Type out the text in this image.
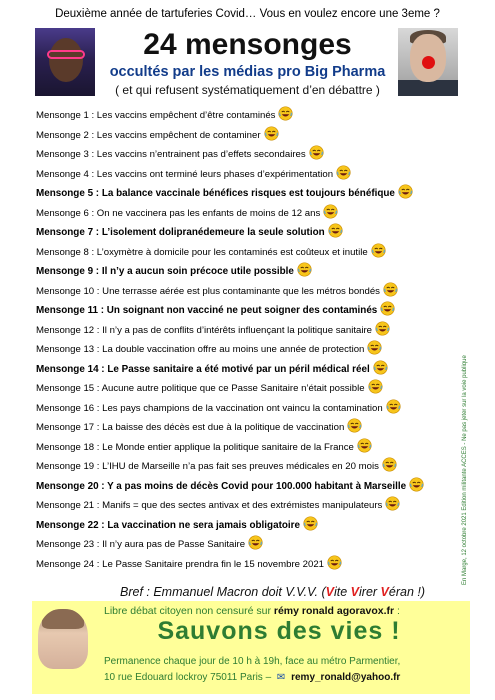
Deuxième année de tartuferies Covid… Vous en voulez encore une 3eme ?
24 mensonges
occultés par les médias pro Big Pharma
( et qui refusent systématiquement d’en débattre )
Mensonge 1 : Les vaccins empêchent d’être contaminés
Mensonge 2 : Les vaccins empêchent de contaminer
Mensonge 3 : Les vaccins n’entrainent pas d’effets secondaires
Mensonge 4 : Les vaccins ont terminé leurs phases d’expérimentation
Mensonge 5 : La balance vaccinale bénéfices risques est toujours bénéfique
Mensonge 6 : On ne vaccinera pas les enfants de moins de 12 ans
Mensonge 7 : L’isolement dolipranédemeure la seule solution
Mensonge 8 : L’oxymètre à domicile pour les contaminés est coûteux et inutile
Mensonge 9 : Il n’y a aucun soin précoce utile possible
Mensonge 10 : Une terrasse aérée est plus contaminante que les métros bondés
Mensonge 11 : Un soignant non vacciné ne peut soigner des contaminés
Mensonge 12 : Il n’y a pas de conflits d’intérêts influençant la politique sanitaire
Mensonge 13 : La double vaccination offre au moins une année de protection
Mensonge 14 : Le Passe sanitaire a été motivé par un péril médical réel
Mensonge 15 : Aucune autre politique que ce Passe Sanitaire n’était possible
Mensonge 16 : Les pays champions de la vaccination ont vaincu la contamination
Mensonge 17 : La baisse des décès est due à la politique de vaccination
Mensonge 18 : Le Monde entier applique la politique sanitaire de la France
Mensonge 19 : L’IHU de Marseille n’a pas fait ses preuves médicales en 20 mois
Mensonge 20 : Y a pas moins de décès Covid pour 100.000 habitant à Marseille
Mensonge 21 : Manifs = que des sectes antivax et des extrémistes manipulateurs
Mensonge 22 : La vaccination ne sera jamais obligatoire
Mensonge 23 : Il n’y aura pas de Passe Sanitaire
Mensonge 24 : Le Passe Sanitaire prendra fin le 15 novembre 2021	En Marge, 12 octobre 2021 Edition militante ACCES - Ne pas jeter sur la voie publique
Bref : Emmanuel Macron doit V.V.V. (Vite Virer Véran !)
Libre débat citoyen non censuré sur rémy ronald agoravox.fr :
Sauvons des vies !
Permanence chaque jour de 10 h à 19h, face au métro Parmentier,
10 rue Edouard lockroy 75011 Paris – ✉ remy_ronald@yahoo.fr
